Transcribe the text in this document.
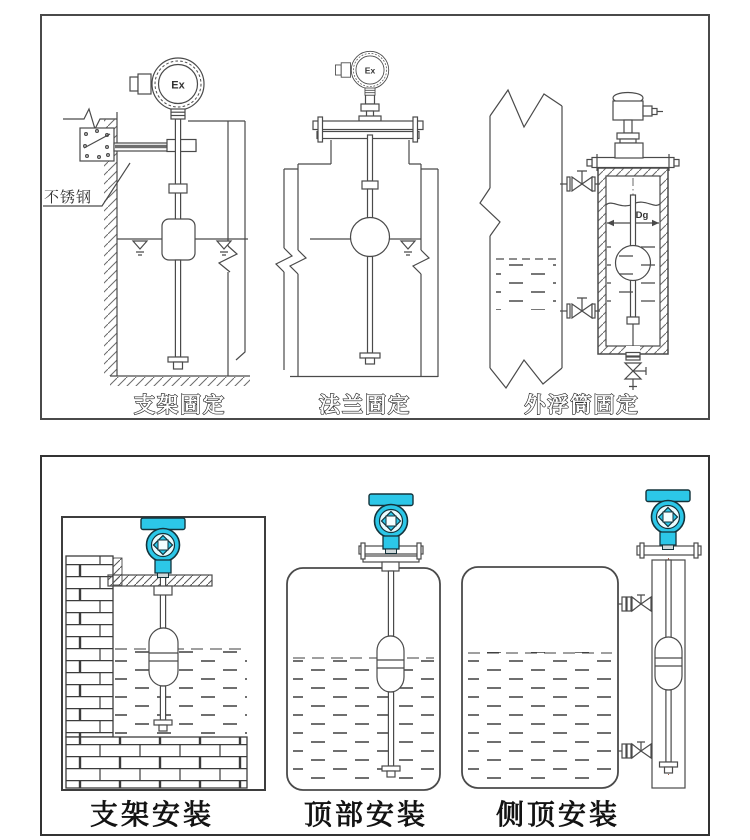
Ex
不锈钢
支架固定
Ex
法兰固定
Dg
外浮筒固定
支架安装	顶部安装 侧顶安装
